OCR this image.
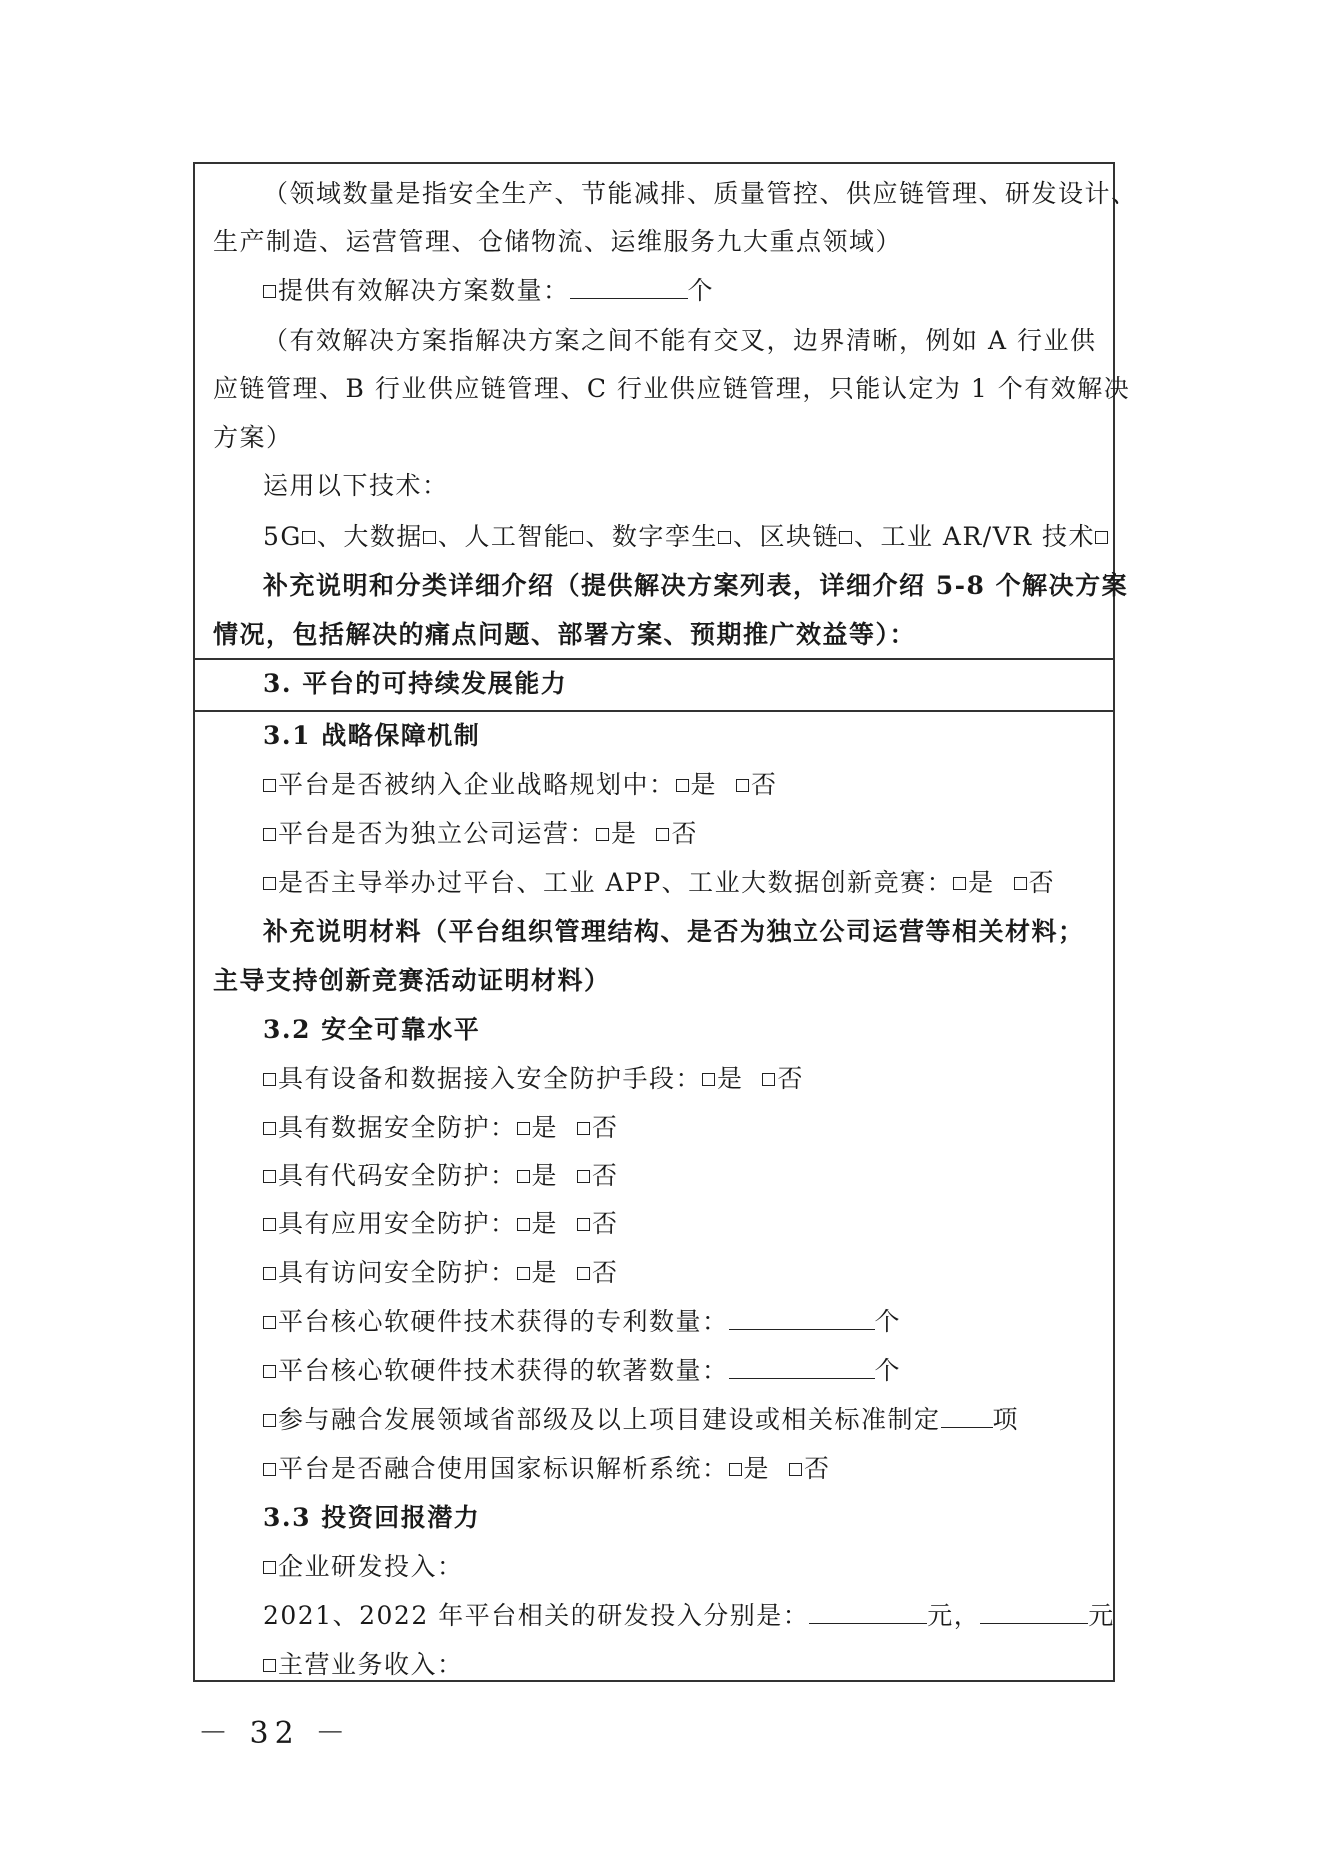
（领域数量是指安全生产、节能减排、质量管控、供应链管理、研发设计、
生产制造、运营管理、仓储物流、运维服务九大重点领域）
提供有效解决方案数量：	个
（有效解决方案指解决方案之间不能有交叉，边界清晰，例如 A 行业供
应链管理、B 行业供应链管理、C 行业供应链管理，只能认定为 1 个有效解决
方案）
运用以下技术：
5G 、大数据 、人工智能 、数字孪生 、区块链 、工业 AR/VR 技术
补充说明和分类详细介绍（提供解决方案列表，详细介绍 5-8 个解决方案
情况，包括解决的痛点问题、部署方案、预期推广效益等）：
3. 平台的可持续发展能力
3.1 战略保障机制
平台是否被纳入企业战略规划中： 是 否
平台是否为独立公司运营： 是 否
是否主导举办过平台、工业 APP、工业大数据创新竞赛： 是 否
补充说明材料（平台组织管理结构、是否为独立公司运营等相关材料；
主导支持创新竞赛活动证明材料）
3.2 安全可靠水平
具有设备和数据接入安全防护手段： 是 否
具有数据安全防护： 是 否
具有代码安全防护： 是 否
具有应用安全防护： 是 否
具有访问安全防护： 是 否
平台核心软硬件技术获得的专利数量：	个
平台核心软硬件技术获得的软著数量：	个
参与融合发展领域省部级及以上项目建设或相关标准制定 项
平台是否融合使用国家标识解析系统： 是 否
3.3 投资回报潜力
企业研发投入：
2021、2022 年平台相关的研发投入分别是：	元，	元
主营业务收入：
－ 32 －
